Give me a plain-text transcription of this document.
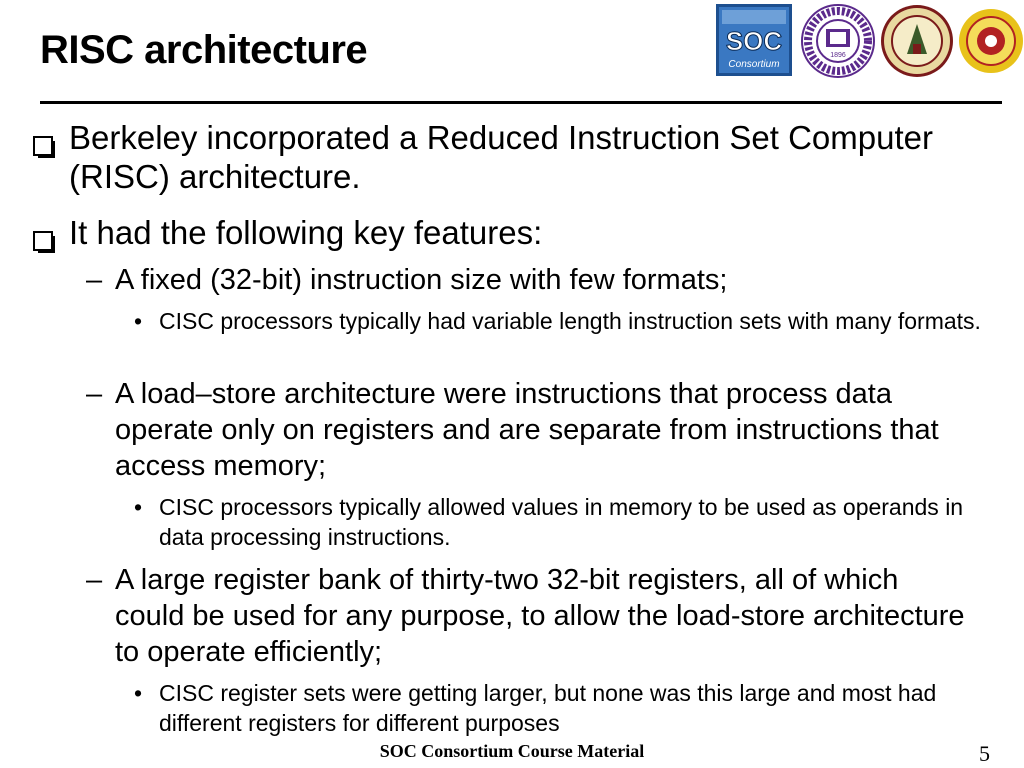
RISC architecture	SOC
Consortium
1896
Berkeley incorporated a Reduced Instruction Set Computer (RISC) architecture.
It had the following key features:
– A fixed (32-bit) instruction size with few formats;
• CISC processors typically had variable length instruction sets with many formats.
– A load–store architecture were instructions that process data operate only on registers and are separate from instructions that access memory;
• CISC processors typically allowed values in memory to be used as operands in data processing instructions.
– A large register bank of thirty-two 32-bit registers, all of which could be used for any purpose, to allow the load-store architecture to operate efficiently;
• CISC register sets were getting larger, but none was this large and most had different registers for different purposes
SOC Consortium Course Material	5
